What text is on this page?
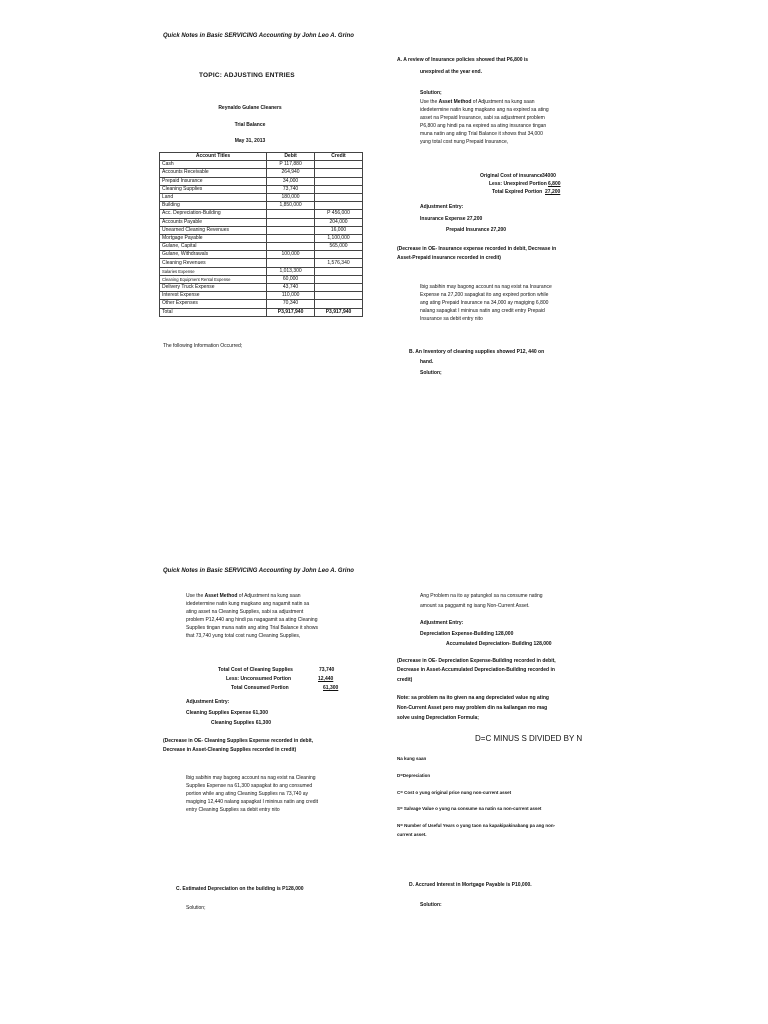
Quick Notes in Basic SERVICING Accounting by John Leo A. Grino
TOPIC: ADJUSTING ENTRIES
Reynaldo Gulane Cleaners
Trial Balance
May 31, 2013
Account Titles	Debit	Credit
Cash	P 117,880	
Accounts Receivable	264,940	
Prepaid Insurance	34,000	
Cleaning Supplies	73,740	
Land	180,000	
Building	1,850,000	
Acc. Depreciation-Building		P 456,000
Accounts Payable		204,000
Unearned Cleaning Revenues		16,000
Mortgage Payable		1,100,000
Gulane, Capital		565,000
Gulane, Withdrawals	100,000	
Cleaning Revenues		1,576,340
Salaries Expense	1,013,300	
Cleaning Equipment Rental Expense	60,000	
Delivery Truck Expense	43,740	
Interest Expense	110,000	
Other Expenses	70,340	
Total	P3,917,940	P3,917,940
The following Information Occurred;
A. A review of Insurance policies showed that P6,800 is
unexpired at the year end.
Solution;
Use the Asset Method of Adjustment na kung saan
idedetermine natin kung magkano ang na expired sa ating
asset na Prepaid Insurance, sabi sa adjustment problem
P6,800 ang hindi pa na expired sa ating insurance tingan
muna natin ang ating Trial Balance it shows that 34,000
yung total cost nung Prepaid Insurance,
Original Cost of insurance 34000
Less: Unexpired Portion 6,800
Total Expired Portion 27,200
Adjustment Entry:
Insurance Expense 27,200
Prepaid Insurance 27,200
(Decrease in OE- Insurance expense recorded in debit, Decrease in
Asset-Prepaid insurance recorded in credit)
Ibig sabihin may bagong account na nag exist na Insurance
Expense na 27,200 sapagkat ito ang expired portion while
ang ating Prepaid Insurance na 34,000 ay magiging 6,800
nalang sapagkat I mininus natin ang credit entry Prepaid
Insurance sa debit entry nito
B. An Inventory of cleaning supplies showed P12, 440 on
hand.
Solution;
Quick Notes in Basic SERVICING Accounting by John Leo A. Grino
Use the Asset Method of Adjustment na kung saan
idedetermine natin kung magkano ang nagamit natin sa
ating asset na Cleaning Supplies, sabi sa adjustment
problem P12,440 ang hindi pa nagagamit sa ating Cleaning
Supplies tingan muna natin ang ating Trial Balance it shows
that 73,740 yung total cost nung Cleaning Supplies,
Total Cost of Cleaning Supplies	73,740
Less: Unconsumed Portion	12,440
Total Consumed Portion	61,300
Adjustment Entry:
Cleaning Supplies Expense 61,300
Cleaning Supplies 61,300
(Decrease in OE- Cleaning Supplies Expense recorded in debit,
Decrease in Asset-Cleaning Supplies recorded in credit)
Ibig sabihin may bagong account na nag exist na Cleaning
Supplies Expense na 61,300 sapagkat ito ang consumed
portion while ang ating Cleaning Supplies na 73,740 ay
magiging 12,440 nalang sapagkat I mininus natin ang credit
entry Cleaning Supplies sa debit entry nito
C. Estimated Depreciation on the building is P128,000
Solution;
Ang Problem na ito ay patungkol sa na consume nating
amount sa paggamit ng isang Non-Current Asset.
Adjustment Entry:
Depreciation Expense-Building 128,000
Accumulated Depreciation- Building 128,000
(Decrease in OE- Depreciation Expense-Building recorded in debit,
Decrease in Asset-Accumulated Depreciation-Building recorded in
credit)
Note: sa problem na ito given na ang depreciated value ng ating
Non-Current Asset pero may problem din na kailangan mo mag
solve using Depreciation Formula;
D=C MINUS S DIVIDED BY N
Na kung saan
D=Depreciation
C= Cost o yung original price nung non-current asset
S= Salvage Value o yung na consume na natin sa non-current asset
N= Number of Useful Years o yung taon na kapakipakinabang pa ang non-
current asset.
D. Accrued Interest in Mortgage Payable is P10,000.
Solution:
